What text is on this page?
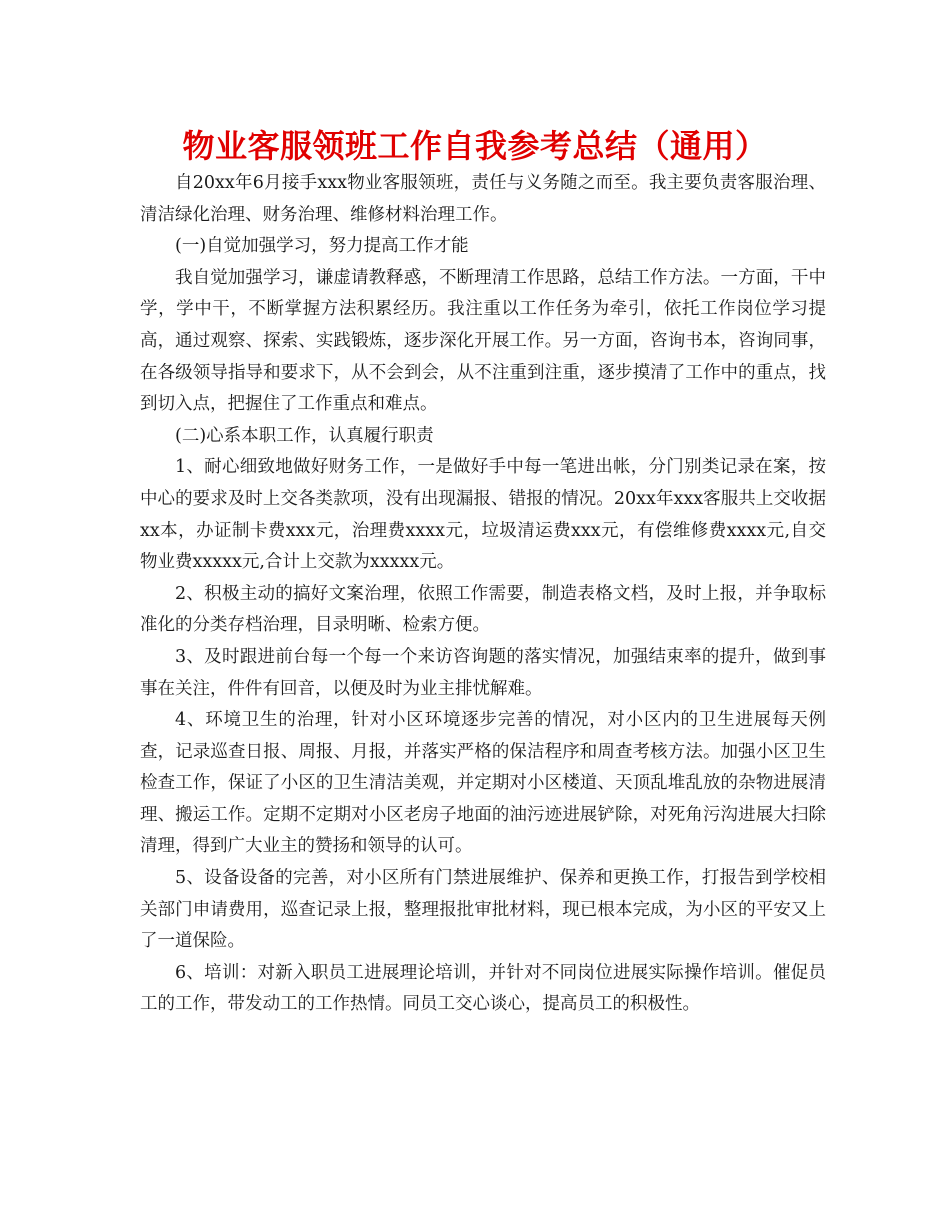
物业客服领班工作自我参考总结（通用）

自20xx年6月接手xxx物业客服领班，责任与义务随之而至。我主要负责客服治理、清洁绿化治理、财务治理、维修材料治理工作。

(一)自觉加强学习，努力提高工作才能

我自觉加强学习，谦虚请教释惑，不断理清工作思路，总结工作方法。一方面，干中学，学中干，不断掌握方法积累经历。我注重以工作任务为牵引，依托工作岗位学习提高，通过观察、探索、实践锻炼，逐步深化开展工作。另一方面，咨询书本，咨询同事，在各级领导指导和要求下，从不会到会，从不注重到注重，逐步摸清了工作中的重点，找到切入点，把握住了工作重点和难点。

(二)心系本职工作，认真履行职责

1、耐心细致地做好财务工作，一是做好手中每一笔进出帐，分门别类记录在案，按中心的要求及时上交各类款项，没有出现漏报、错报的情况。20xx年xxx客服共上交收据xx本，办证制卡费xxx元，治理费xxxx元，垃圾清运费xxx元，有偿维修费xxxx元,自交物业费xxxxx元,合计上交款为xxxxx元。

2、积极主动的搞好文案治理，依照工作需要，制造表格文档，及时上报，并争取标准化的分类存档治理，目录明晰、检索方便。

3、及时跟进前台每一个每一个来访咨询题的落实情况，加强结束率的提升，做到事事在关注，件件有回音，以便及时为业主排忧解难。

4、环境卫生的治理，针对小区环境逐步完善的情况，对小区内的卫生进展每天例查，记录巡查日报、周报、月报，并落实严格的保洁程序和周查考核方法。加强小区卫生检查工作，保证了小区的卫生清洁美观，并定期对小区楼道、天顶乱堆乱放的杂物进展清理、搬运工作。定期不定期对小区老房子地面的油污迹进展铲除，对死角污沟进展大扫除清理，得到广大业主的赞扬和领导的认可。

5、设备设备的完善，对小区所有门禁进展维护、保养和更换工作，打报告到学校相关部门申请费用，巡查记录上报，整理报批审批材料，现已根本完成，为小区的平安又上了一道保险。

6、培训：对新入职员工进展理论培训，并针对不同岗位进展实际操作培训。催促员工的工作，带发动工的工作热情。同员工交心谈心，提高员工的积极性。
